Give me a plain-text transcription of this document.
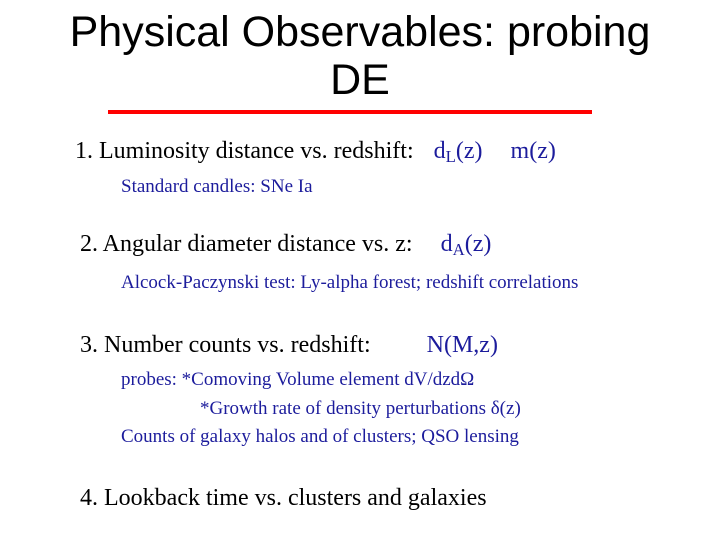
Physical Observables: probing
DE
1. Luminosity distance vs. redshift: $d_L(z)$ m(z)
Standard candles: SNe Ia
2. Angular diameter distance vs. z: $d_A(z)$
Alcock-Paczynski test: Ly-alpha forest; redshift correlations
3. Number counts vs. redshift: N(M,z)
probes: *Comoving Volume element dV/dzdΩ
*Growth rate of density perturbations δ(z)
Counts of galaxy halos and of clusters; QSO lensing
4. Lookback time vs. clusters and galaxies
